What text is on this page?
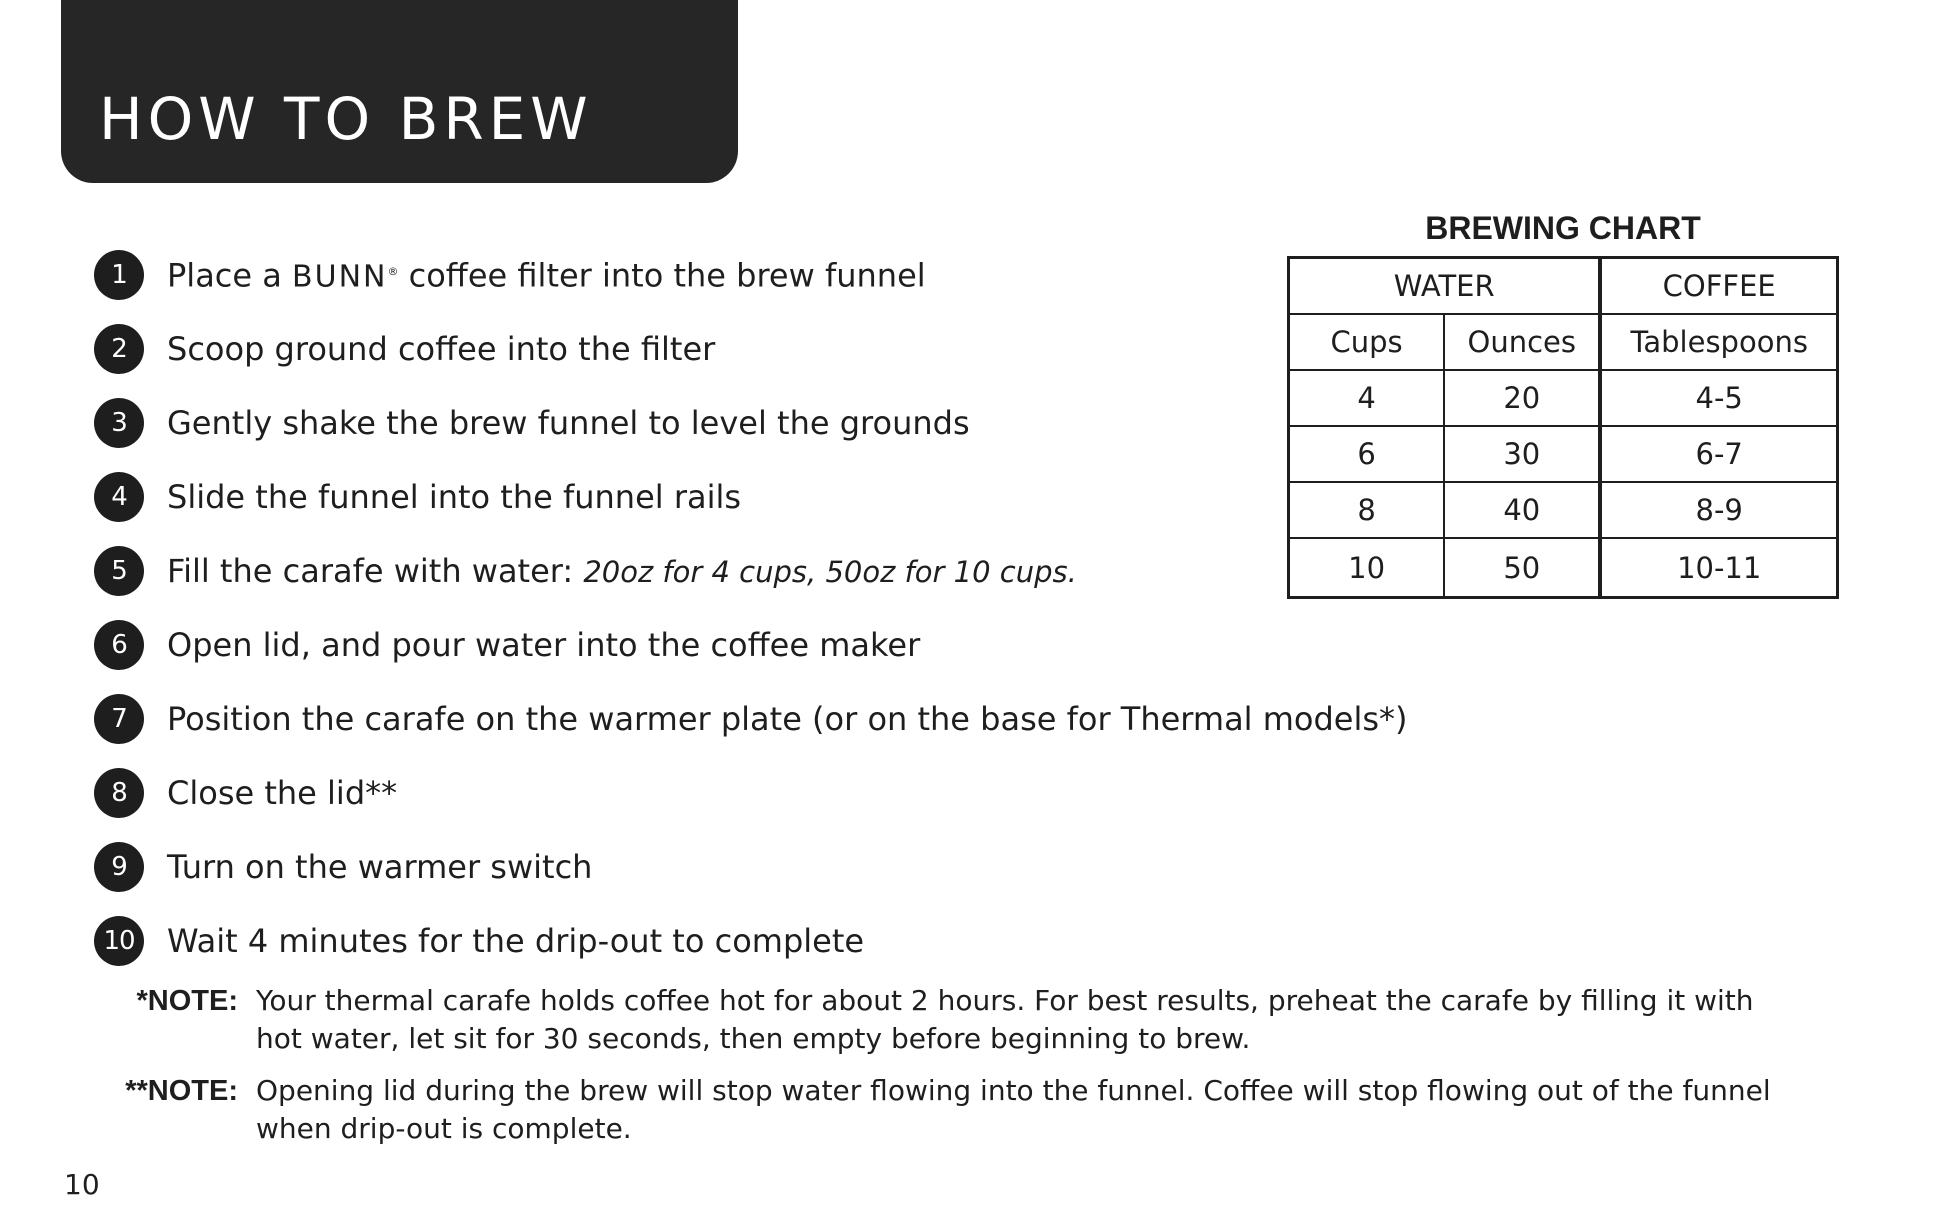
HOW TO BREW
1	Place a BUNN® coffee filter into the brew funnel
2	Scoop ground coffee into the filter
3	Gently shake the brew funnel to level the grounds
4	Slide the funnel into the funnel rails
5	Fill the carafe with water: 20oz for 4 cups, 50oz for 10 cups.
6	Open lid, and pour water into the coffee maker
7	Position the carafe on the warmer plate (or on the base for Thermal models*)
8	Close the lid**
9	Turn on the warmer switch
10 Wait 4 minutes for the drip-out to complete
BREWING CHART
WATER		COFFEE
Cups	Ounces	Tablespoons
4	20	4-5
6	30	6-7
8	40	8-9
10	50	10-11
*NOTE: Your thermal carafe holds coffee hot for about 2 hours. For best results, preheat the carafe by filling it with hot water, let sit for 30 seconds, then empty before beginning to brew.
**NOTE: Opening lid during the brew will stop water flowing into the funnel. Coffee will stop flowing out of the funnel when drip-out is complete.
10
